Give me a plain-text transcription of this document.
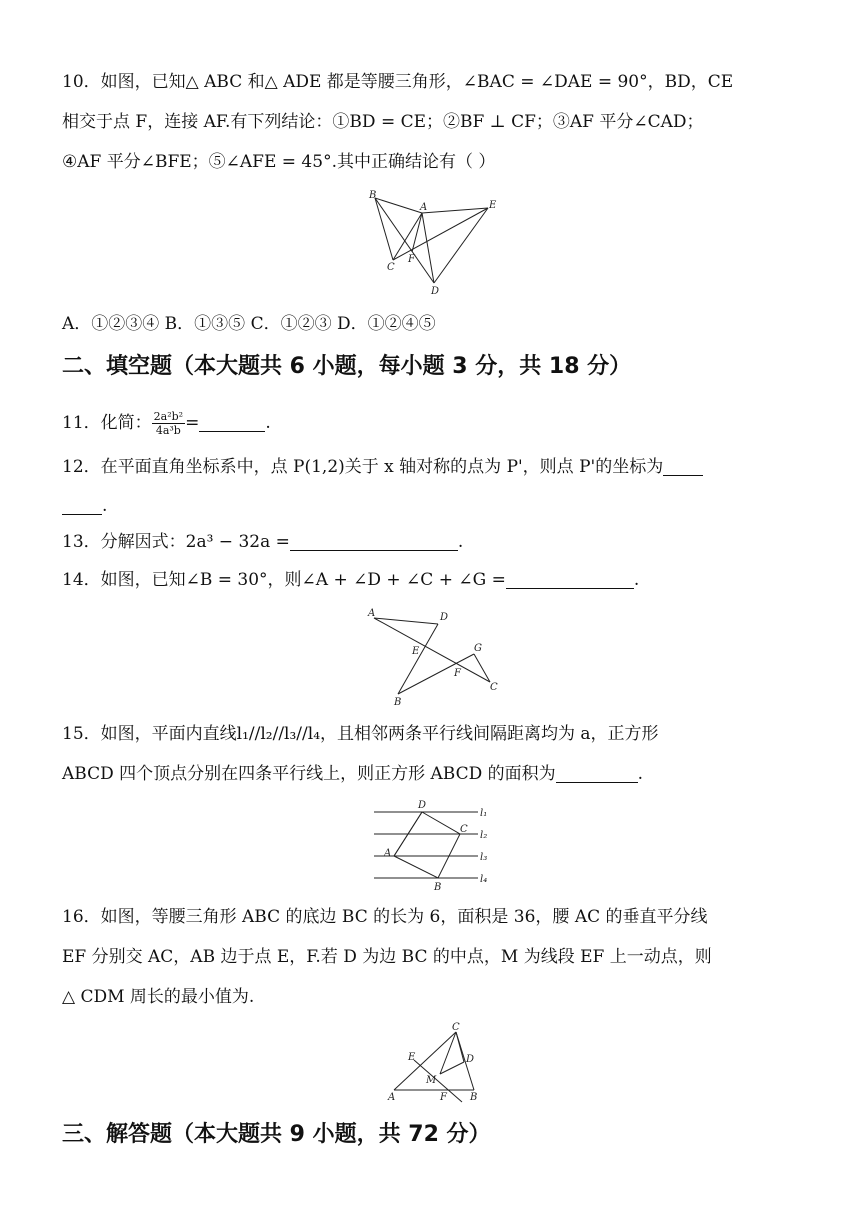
10．如图，已知△ ABC 和△ ADE 都是等腰三角形，∠BAC = ∠DAE = 90°，BD，CE
相交于点 F，连接 AF.有下列结论：①BD = CE；②BF ⊥ CF；③AF 平分∠CAD；
④AF 平分∠BFE；⑤∠AFE = 45°.其中正确结论有（ ）
B
A	E
C
F
D
A．①②③④ B．①③⑤ C．①②③ D．①②④⑤
二、填空题（本大题共 6 小题，每小题 3 分，共 18 分）
11．化简： $\frac{\text{2a²b²}}{\text{4a³b}}$ =	.
12．在平面直角坐标系中，点 P(1,2)关于 x 轴对称的点为 P'，则点 P'的坐标为
.
13．分解因式：2a³ − 32a =	.
14．如图，已知∠B = 30°，则∠A + ∠D + ∠C + ∠G =	.
A	D
E	G
F
C
B
15．如图，平面内直线l₁//l₂//l₃//l₄，且相邻两条平行线间隔距离均为 a，正方形
ABCD 四个顶点分别在四条平行线上，则正方形 ABCD 的面积为	.
D
C
A
B
l₁
l₂
l₃
l₄
16．如图，等腰三角形 ABC 的底边 BC 的长为 6，面积是 36，腰 AC 的垂直平分线
EF 分别交 AC，AB 边于点 E，F.若 D 为边 BC 的中点，M 为线段 EF 上一动点，则
△ CDM 周长的最小值为.
C
E	D
M
A	F B
三、解答题（本大题共 9 小题，共 72 分）
